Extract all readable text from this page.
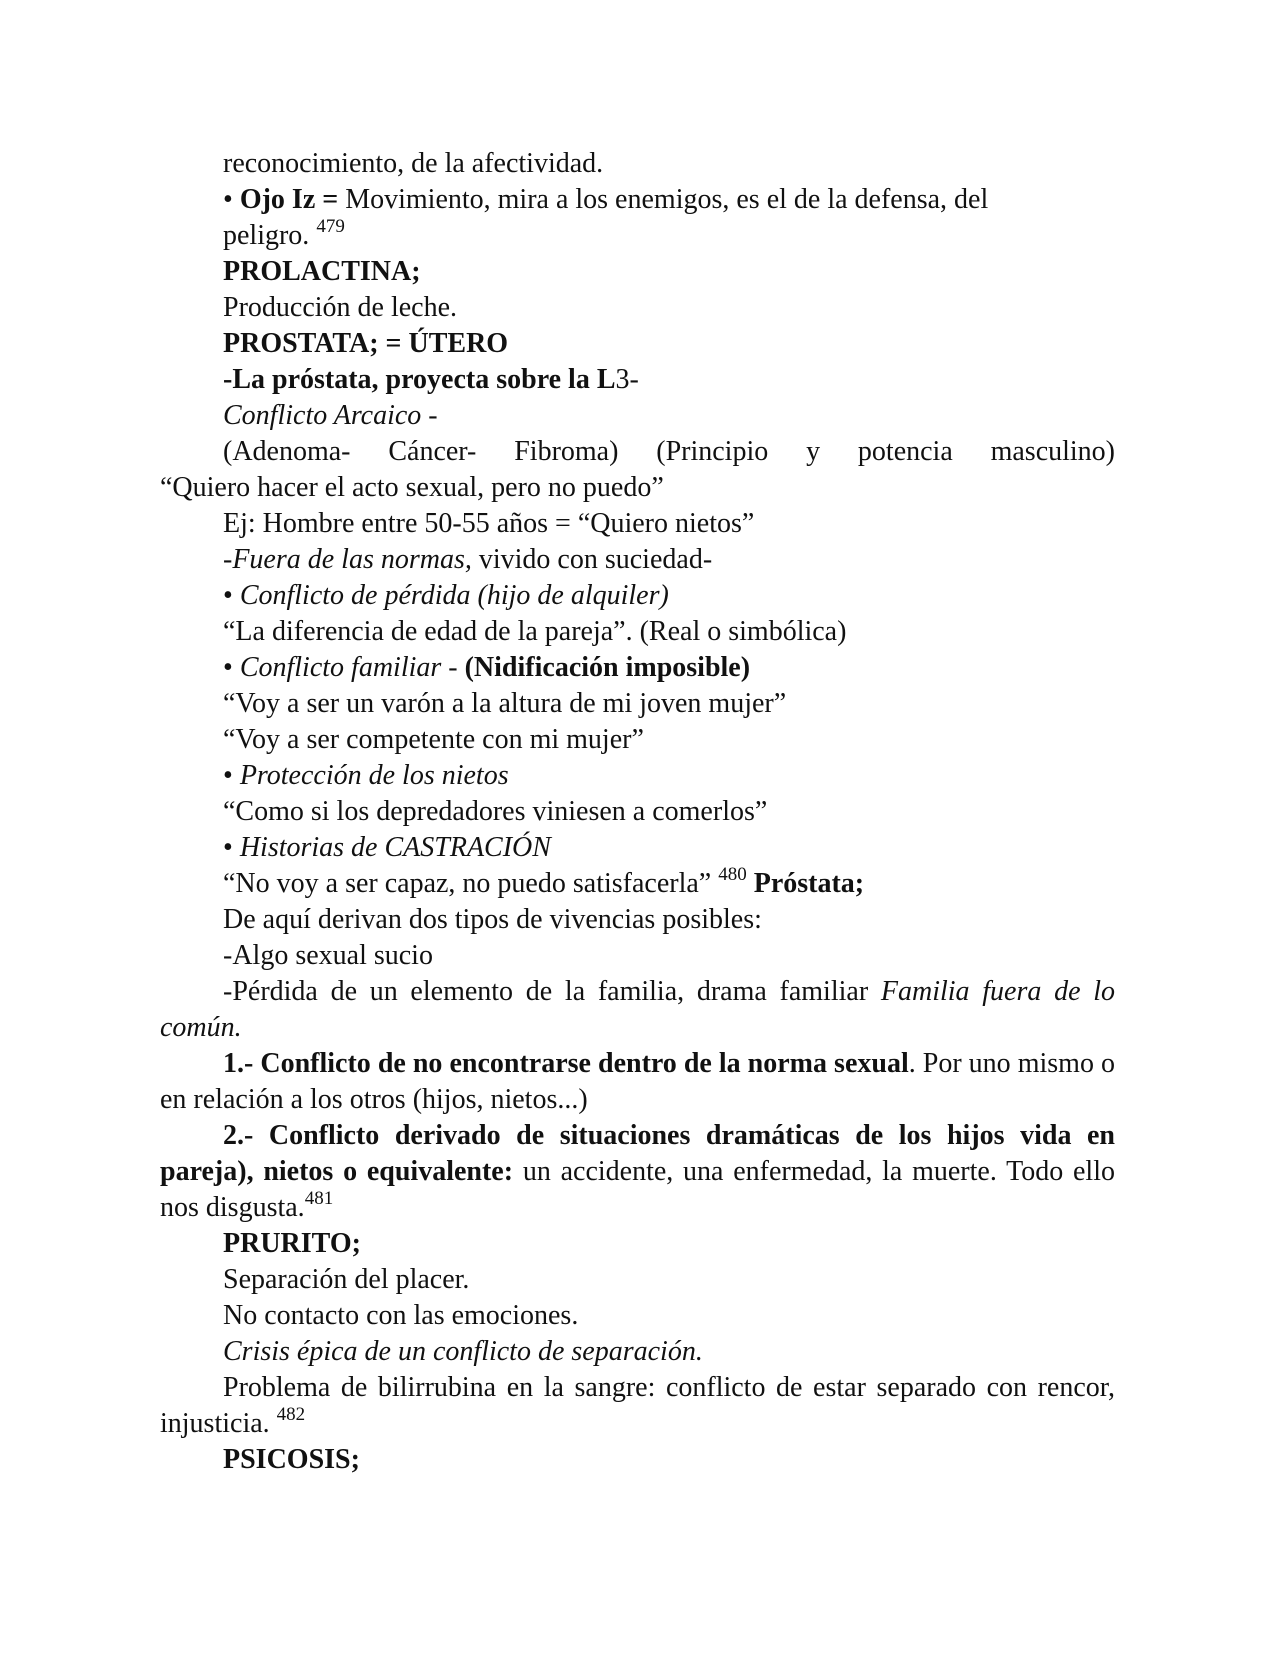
reconocimiento, de la afectividad.
• Ojo Iz = Movimiento, mira a los enemigos, es el de la defensa, del
peligro. $^{479}$
PROLACTINA;
Producción de leche.
PROSTATA; = ÚTERO
-La próstata, proyecta sobre la L3-
Conflicto Arcaico -
(Adenoma- Cáncer- Fibroma) (Principio y potencia masculino)
“Quiero hacer el acto sexual, pero no puedo”
Ej: Hombre entre 50-55 años = “Quiero nietos”
-Fuera de las normas, vivido con suciedad-
• Conflicto de pérdida (hijo de alquiler)
“La diferencia de edad de la pareja”. (Real o simbólica)
• Conflicto familiar - (Nidificación imposible)
“Voy a ser un varón a la altura de mi joven mujer”
“Voy a ser competente con mi mujer”
• Protección de los nietos
“Como si los depredadores viniesen a comerlos”
• Historias de CASTRACIÓN
“No voy a ser capaz, no puedo satisfacerla” $^{480}$ Próstata;
De aquí derivan dos tipos de vivencias posibles:
-Algo sexual sucio
-Pérdida de un elemento de la familia, drama familiar Familia fuera de lo común.
1.- Conflicto de no encontrarse dentro de la norma sexual. Por uno mismo o en relación a los otros (hijos, nietos...)
2.- Conflicto derivado de situaciones dramáticas de los hijos vida en pareja), nietos o equivalente: un accidente, una enfermedad, la muerte. Todo ello nos disgusta.$^{481}$
PRURITO;
Separación del placer.
No contacto con las emociones.
Crisis épica de un conflicto de separación.
Problema de bilirrubina en la sangre: conflicto de estar separado con rencor, injusticia. $^{482}$
PSICOSIS;
